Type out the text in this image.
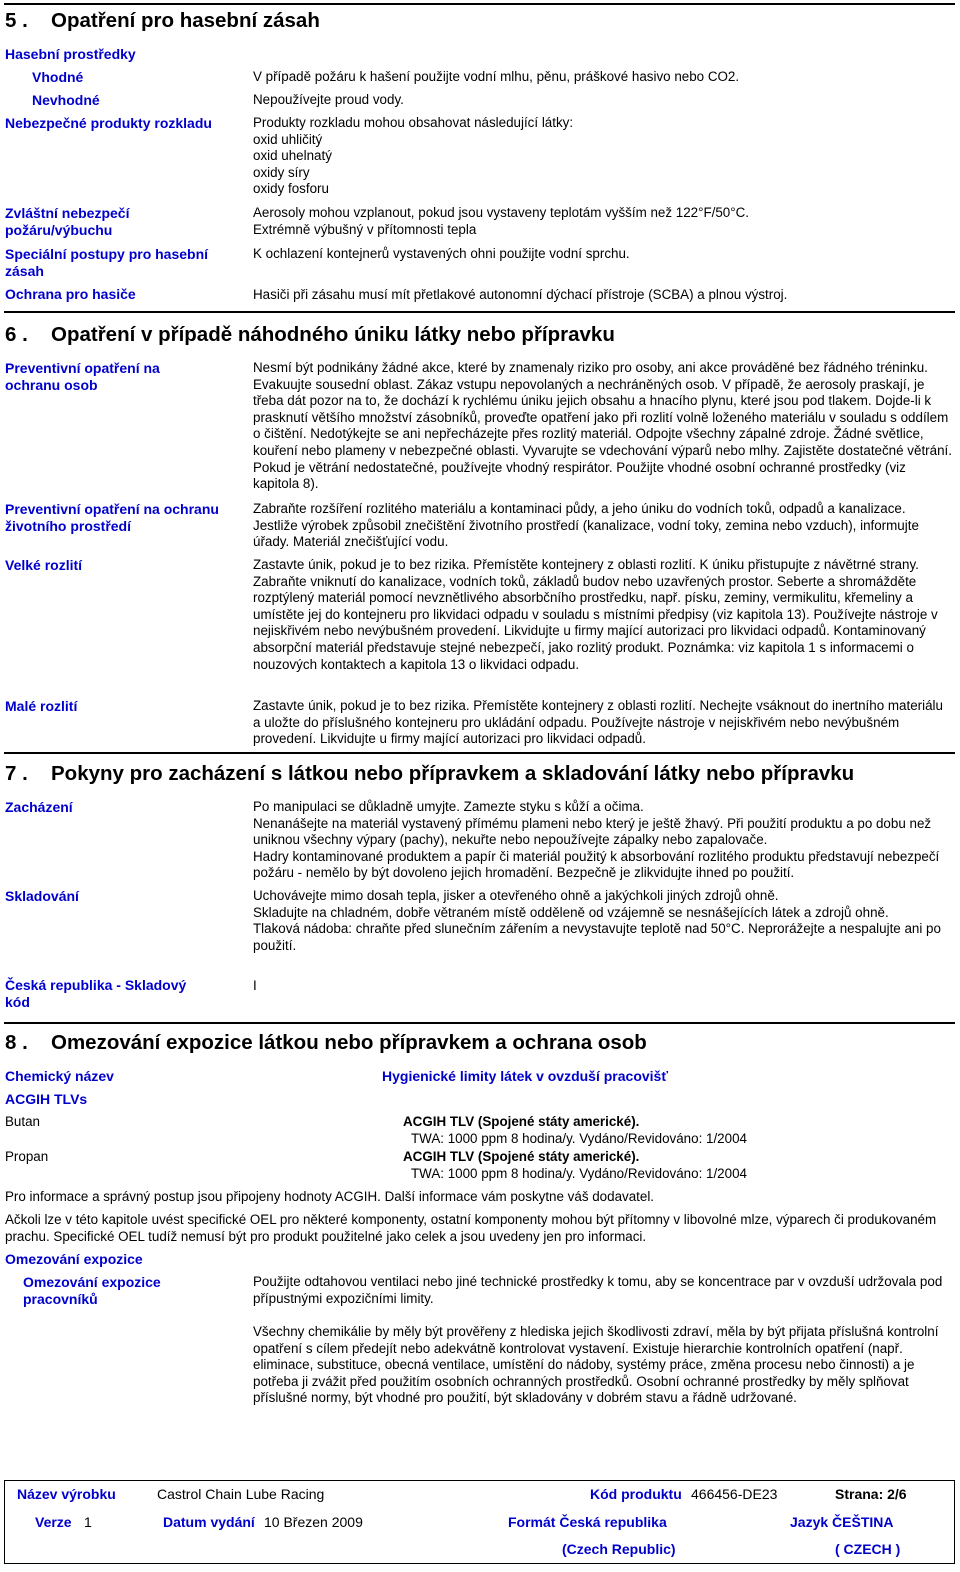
5 . Opatření pro hasební zásah
Hasební prostředky
Vhodné	V případě požáru k hašení použijte vodní mlhu, pěnu, práškové hasivo nebo CO2.
Nevhodné	Nepoužívejte proud vody.
Nebezpečné produkty rozkladu	Produkty rozkladu mohou obsahovat následující látky:
oxid uhličitý
oxid uhelnatý
oxidy síry
oxidy fosforu
Zvláštní nebezpečí požáru/výbuchu
Aerosoly mohou vzplanout, pokud jsou vystaveny teplotám vyšším než 122°F/50°C.
Extrémně výbušný v přítomnosti tepla
Speciální postupy pro hasební zásah
K ochlazení kontejnerů vystavených ohni použijte vodní sprchu.
Ochrana pro hasiče	Hasiči při zásahu musí mít přetlakové autonomní dýchací přístroje (SCBA) a plnou výstroj.
6 . Opatření v případě náhodného úniku látky nebo přípravku
Preventivní opatření na ochranu osob
Nesmí být podnikány žádné akce, které by znamenaly riziko pro osoby, ani akce prováděné bez řádného tréninku. Evakuujte sousední oblast. Zákaz vstupu nepovolaných a nechráněných osob. V případě, že aerosoly praskají, je třeba dát pozor na to, že dochází k rychlému úniku jejich obsahu a hnacího plynu, které jsou pod tlakem. Dojde-li k prasknutí většího množství zásobníků, proveďte opatření jako při rozlití volně loženého materiálu v souladu s oddílem o čištění. Nedotýkejte se ani nepřecházejte přes rozlitý materiál. Odpojte všechny zápalné zdroje. Žádné světlice, kouření nebo plameny v nebezpečné oblasti. Vyvarujte se vdechování výparů nebo mlhy. Zajistěte dostatečné větrání. Pokud je větrání nedostatečné, používejte vhodný respirátor. Použijte vhodné osobní ochranné prostředky (viz kapitola 8).
Preventivní opatření na ochranu životního prostředí
Zabraňte rozšíření rozlitého materiálu a kontaminaci půdy, a jeho úniku do vodních toků, odpadů a kanalizace. Jestliže výrobek způsobil znečištění životního prostředí (kanalizace, vodní toky, zemina nebo vzduch), informujte úřady. Materiál znečišťující vodu.
Velké rozlití	Zastavte únik, pokud je to bez rizika. Přemístěte kontejnery z oblasti rozlití. K úniku přistupujte z návětrné strany. Zabraňte vniknutí do kanalizace, vodních toků, základů budov nebo uzavřených prostor. Seberte a shromážděte rozptýlený materiál pomocí nevznětlivého absorbčního prostředku, např. písku, zeminy, vermikulitu, křemeliny a umístěte jej do kontejneru pro likvidaci odpadu v souladu s místními předpisy (viz kapitola 13). Používejte nástroje v nejiskřivém nebo nevýbušném provedení. Likvidujte u firmy mající autorizaci pro likvidaci odpadů. Kontaminovaný absorpční materiál představuje stejné nebezpečí, jako rozlitý produkt. Poznámka: viz kapitola 1 s informacemi o nouzových kontaktech a kapitola 13 o likvidaci odpadu.
Malé rozlití	Zastavte únik, pokud je to bez rizika. Přemístěte kontejnery z oblasti rozlití. Nechejte vsáknout do inertního materiálu a uložte do příslušného kontejneru pro ukládání odpadu. Používejte nástroje v nejiskřivém nebo nevýbušném provedení. Likvidujte u firmy mající autorizaci pro likvidaci odpadů.
7 . Pokyny pro zacházení s látkou nebo přípravkem a skladování látky nebo přípravku
Zacházení	Po manipulaci se důkladně umyjte. Zamezte styku s kůží a očima.
Nenanášejte na materiál vystavený přímému plameni nebo který je ještě žhavý. Při použití produktu a po dobu než uniknou všechny výpary (pachy), nekuřte nebo nepoužívejte zápalky nebo zapalovače.
Hadry kontaminované produktem a papír či materiál použitý k absorbování rozlitého produktu představují nebezpečí požáru - nemělo by být dovoleno jejich hromadění. Bezpečně je zlikvidujte ihned po použití.
Skladování	Uchovávejte mimo dosah tepla, jisker a otevřeného ohně a jakýchkoli jiných zdrojů ohně.
Skladujte na chladném, dobře větraném místě odděleně od vzájemně se nesnášejících látek a zdrojů ohně.
Tlaková nádoba: chraňte před slunečním zářením a nevystavujte teplotě nad 50°C. Neprorážejte a nespalujte ani po použití.
Česká republika - Skladový kód
I
8 . Omezování expozice látkou nebo přípravkem a ochrana osob
Chemický název	Hygienické limity látek v ovzduší pracovišť
ACGIH TLVs
Butan	ACGIH TLV (Spojené státy americké).
TWA: 1000 ppm 8 hodina/y. Vydáno/Revidováno: 1/2004
Propan	ACGIH TLV (Spojené státy americké).
TWA: 1000 ppm 8 hodina/y. Vydáno/Revidováno: 1/2004
Pro informace a správný postup jsou připojeny hodnoty ACGIH. Další informace vám poskytne váš dodavatel.
Ačkoli lze v této kapitole uvést specifické OEL pro některé komponenty, ostatní komponenty mohou být přítomny v libovolné mlze, výparech či produkovaném prachu. Specifické OEL tudíž nemusí být pro produkt použitelné jako celek a jsou uvedeny jen pro informaci.
Omezování expozice
Omezování expozice pracovníků
Použijte odtahovou ventilaci nebo jiné technické prostředky k tomu, aby se koncentrace par v ovzduší udržovala pod přípustnými expozičními limity.
Všechny chemikálie by měly být prověřeny z hlediska jejich škodlivosti zdraví, měla by být přijata příslušná kontrolní opatření s cílem předejít nebo adekvátně kontrolovat vystavení. Existuje hierarchie kontrolních opatření (např. eliminace, substituce, obecná ventilace, umístění do nádoby, systémy práce, změna procesu nebo činnosti) a je potřeba ji zvážit před použitím osobních ochranných prostředků. Osobní ochranné prostředky by měly splňovat příslušné normy, být vhodné pro použití, být skladovány v dobrém stavu a řádně udržované.
Název výrobku	Castrol Chain Lube Racing	Kód produktu 466456-DE23	Strana: 2/6
Verze 1	Datum vydání 10 Březen 2009	Formát Česká republika	Jazyk ČEŠTINA
(Czech Republic)	( CZECH )
